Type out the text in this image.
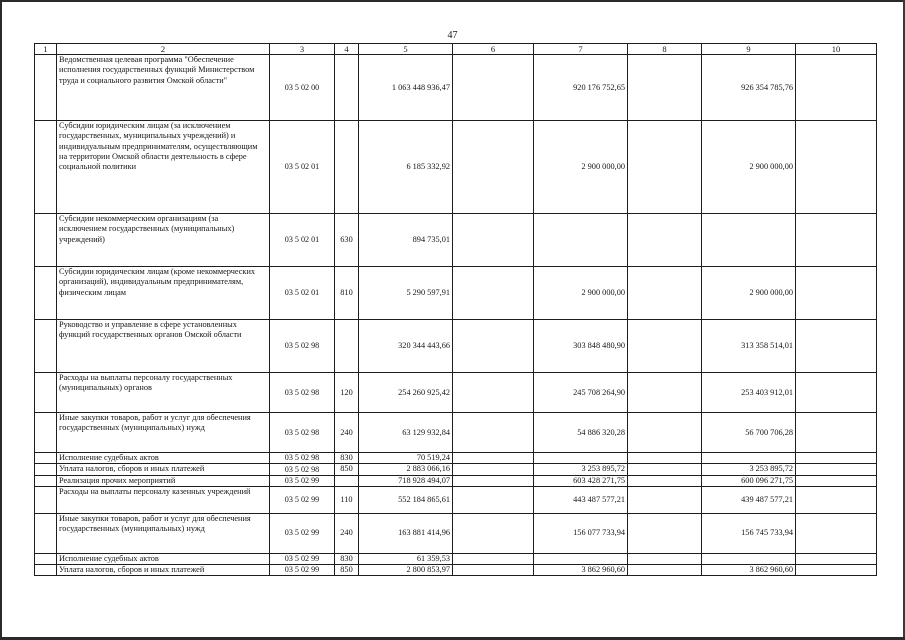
47
1	2	3	4	5	6	7	8	9	10
	Ведомственная целевая программа "Обеспечение исполнения государственных функций Министерством труда и социального развития Омской области"	03 5 02 00		1 063 448 936,47		920 176 752,65		926 354 785,76	
	Субсидии юридическим лицам (за исключением государственных, муниципальных учреждений) и индивидуальным предпринимателям, осуществляющим на территории Омской области деятельность в сфере социальной политики	03 5 02 01		6 185 332,92		2 900 000,00		2 900 000,00	
	Субсидии некоммерческим организациям (за исключением государственных (муниципальных) учреждений)	03 5 02 01	630	894 735,01					
	Субсидии юридическим лицам (кроме некоммерческих организаций), индивидуальным предпринимателям, физическим лицам	03 5 02 01	810	5 290 597,91		2 900 000,00		2 900 000,00	
	Руководство и управление в сфере установленных функций государственных органов Омской области	03 5 02 98		320 344 443,66		303 848 480,90		313 358 514,01	
	Расходы на выплаты персоналу государственных (муниципальных) органов	03 5 02 98	120	254 260 925,42		245 708 264,90		253 403 912,01	
	Иные закупки товаров, работ и услуг для обеспечения государственных (муниципальных) нужд	03 5 02 98	240	63 129 932,84		54 886 320,28		56 700 706,28	
	Исполнение судебных актов	03 5 02 98	830	70 519,24					
	Уплата налогов, сборов и иных платежей	03 5 02 98	850	2 883 066,16		3 253 895,72		3 253 895,72	
	Реализация прочих мероприятий	03 5 02 99		718 928 494,07		603 428 271,75		600 096 271,75	
	Расходы на выплаты персоналу казенных учреждений	03 5 02 99	110	552 184 865,61		443 487 577,21		439 487 577,21	
	Иные закупки товаров, работ и услуг для обеспечения государственных (муниципальных) нужд	03 5 02 99	240	163 881 414,96		156 077 733,94		156 745 733,94	
	Исполнение судебных актов	03 5 02 99	830	61 359,53					
	Уплата налогов, сборов и иных платежей	03 5 02 99	850	2 800 853,97		3 862 960,60		3 862 960,60	
